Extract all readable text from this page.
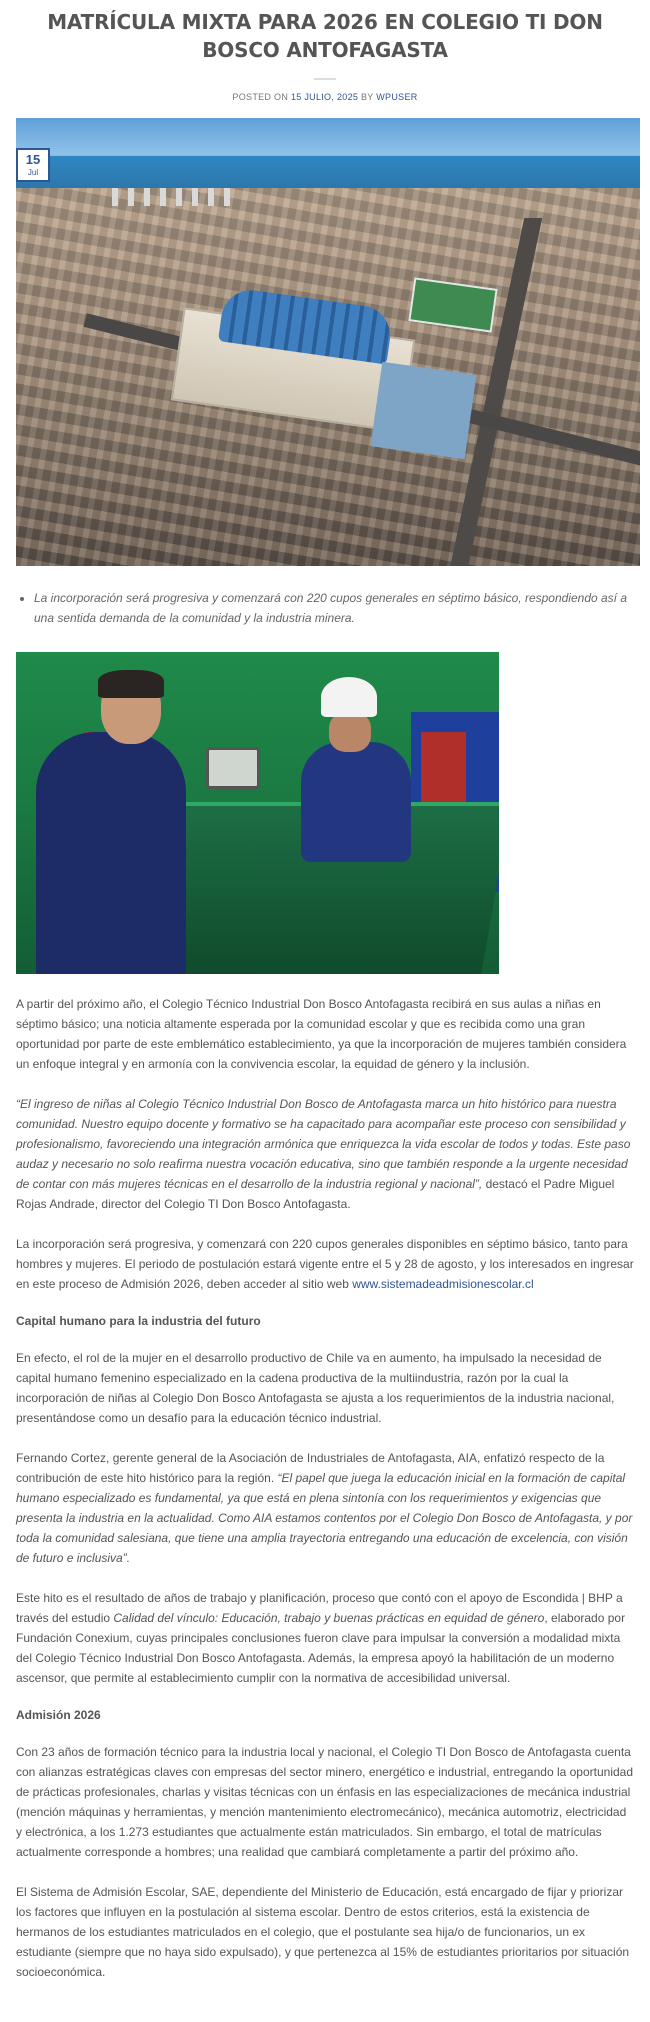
MATRÍCULA MIXTA PARA 2026 EN COLEGIO TI DON BOSCO ANTOFAGASTA
POSTED ON 15 JULIO, 2025 BY WPUSER
15
Jul
• La incorporación será progresiva y comenzará con 220 cupos generales en séptimo básico, respondiendo así a una sentida demanda de la comunidad y la industria minera.

A partir del próximo año, el Colegio Técnico Industrial Don Bosco Antofagasta recibirá en sus aulas a niñas en séptimo básico; una noticia altamente esperada por la comunidad escolar y que es recibida como una gran oportunidad por parte de este emblemático establecimiento, ya que la incorporación de mujeres también considera un enfoque integral y en armonía con la convivencia escolar, la equidad de género y la inclusión.

“El ingreso de niñas al Colegio Técnico Industrial Don Bosco de Antofagasta marca un hito histórico para nuestra comunidad. Nuestro equipo docente y formativo se ha capacitado para acompañar este proceso con sensibilidad y profesionalismo, favoreciendo una integración armónica que enriquezca la vida escolar de todos y todas. Este paso audaz y necesario no solo reafirma nuestra vocación educativa, sino que también responde a la urgente necesidad de contar con más mujeres técnicas en el desarrollo de la industria regional y nacional”, destacó el Padre Miguel Rojas Andrade, director del Colegio TI Don Bosco Antofagasta.

La incorporación será progresiva, y comenzará con 220 cupos generales disponibles en séptimo básico, tanto para hombres y mujeres. El periodo de postulación estará vigente entre el 5 y 28 de agosto, y los interesados en ingresar en este proceso de Admisión 2026, deben acceder al sitio web www.sistemadeadmisionescolar.cl

Capital humano para la industria del futuro

En efecto, el rol de la mujer en el desarrollo productivo de Chile va en aumento, ha impulsado la necesidad de capital humano femenino especializado en la cadena productiva de la multiindustria, razón por la cual la incorporación de niñas al Colegio Don Bosco Antofagasta se ajusta a los requerimientos de la industria nacional, presentándose como un desafío para la educación técnico industrial.

Fernando Cortez, gerente general de la Asociación de Industriales de Antofagasta, AIA, enfatizó respecto de la contribución de este hito histórico para la región. “El papel que juega la educación inicial en la formación de capital humano especializado es fundamental, ya que está en plena sintonía con los requerimientos y exigencias que presenta la industria en la actualidad. Como AIA estamos contentos por el Colegio Don Bosco de Antofagasta, y por toda la comunidad salesiana, que tiene una amplia trayectoria entregando una educación de excelencia, con visión de futuro e inclusiva”.

Este hito es el resultado de años de trabajo y planificación, proceso que contó con el apoyo de Escondida | BHP a través del estudio Calidad del vínculo: Educación, trabajo y buenas prácticas en equidad de género, elaborado por Fundación Conexium, cuyas principales conclusiones fueron clave para impulsar la conversión a modalidad mixta del Colegio Técnico Industrial Don Bosco Antofagasta. Además, la empresa apoyó la habilitación de un moderno ascensor, que permite al establecimiento cumplir con la normativa de accesibilidad universal.

Admisión 2026

Con 23 años de formación técnico para la industria local y nacional, el Colegio TI Don Bosco de Antofagasta cuenta con alianzas estratégicas claves con empresas del sector minero, energético e industrial, entregando la oportunidad de prácticas profesionales, charlas y visitas técnicas con un énfasis en las especializaciones de mecánica industrial (mención máquinas y herramientas, y mención mantenimiento electromecánico), mecánica automotriz, electricidad y electrónica, a los 1.273 estudiantes que actualmente están matriculados. Sin embargo, el total de matrículas actualmente corresponde a hombres; una realidad que cambiará completamente a partir del próximo año.

El Sistema de Admisión Escolar, SAE, dependiente del Ministerio de Educación, está encargado de fijar y priorizar los factores que influyen en la postulación al sistema escolar. Dentro de estos criterios, está la existencia de hermanos de los estudiantes matriculados en el colegio, que el postulante sea hija/o de funcionarios, un ex estudiante (siempre que no haya sido expulsado), y que pertenezca al 15% de estudiantes prioritarios por situación socioeconómica.
